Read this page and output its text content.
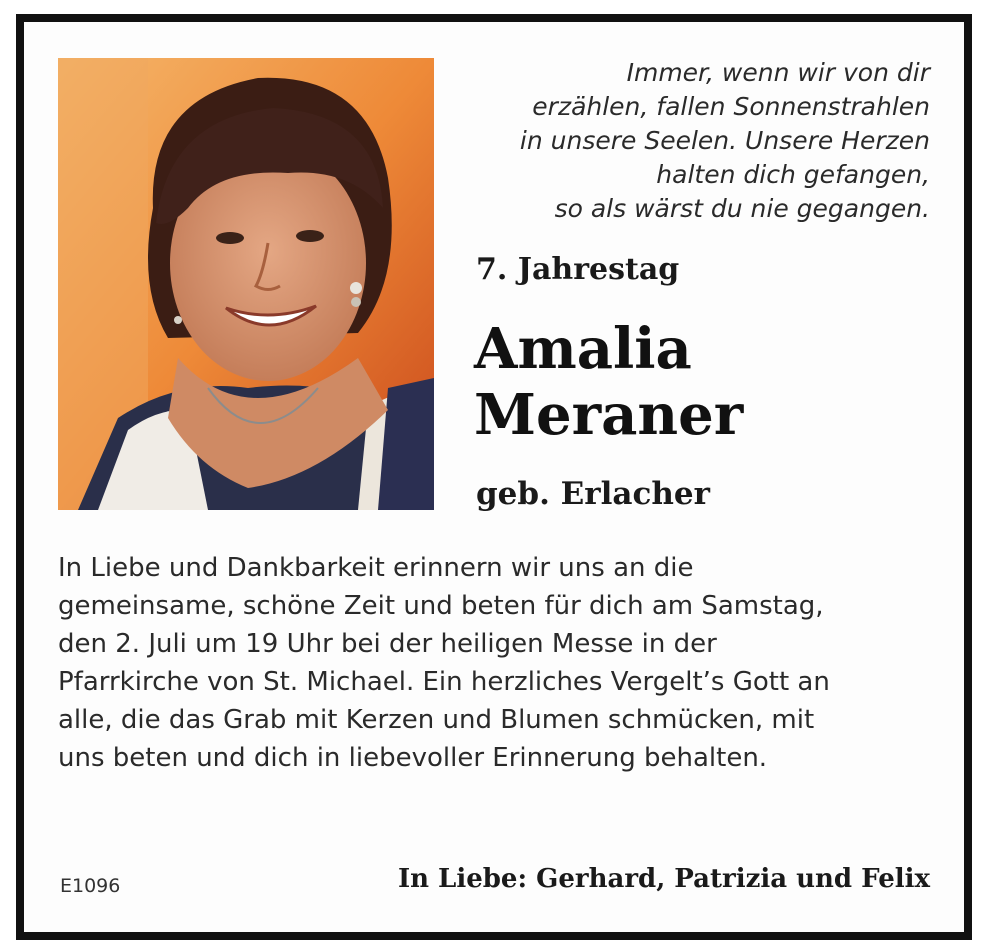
Immer, wenn wir von dir
erzählen, fallen Sonnenstrahlen
in unsere Seelen. Unsere Herzen
halten dich gefangen,
so als wärst du nie gegangen.
7. Jahrestag
Amalia
Meraner
geb. Erlacher
In Liebe und Dankbarkeit erinnern wir uns an die
gemeinsame, schöne Zeit und beten für dich am Samstag,
den 2. Juli um 19 Uhr bei der heiligen Messe in der
Pfarrkirche von St. Michael. Ein herzliches Vergelt’s Gott an
alle, die das Grab mit Kerzen und Blumen schmücken, mit
uns beten und dich in liebevoller Erinnerung behalten.
E1096	In Liebe: Gerhard, Patrizia und Felix
